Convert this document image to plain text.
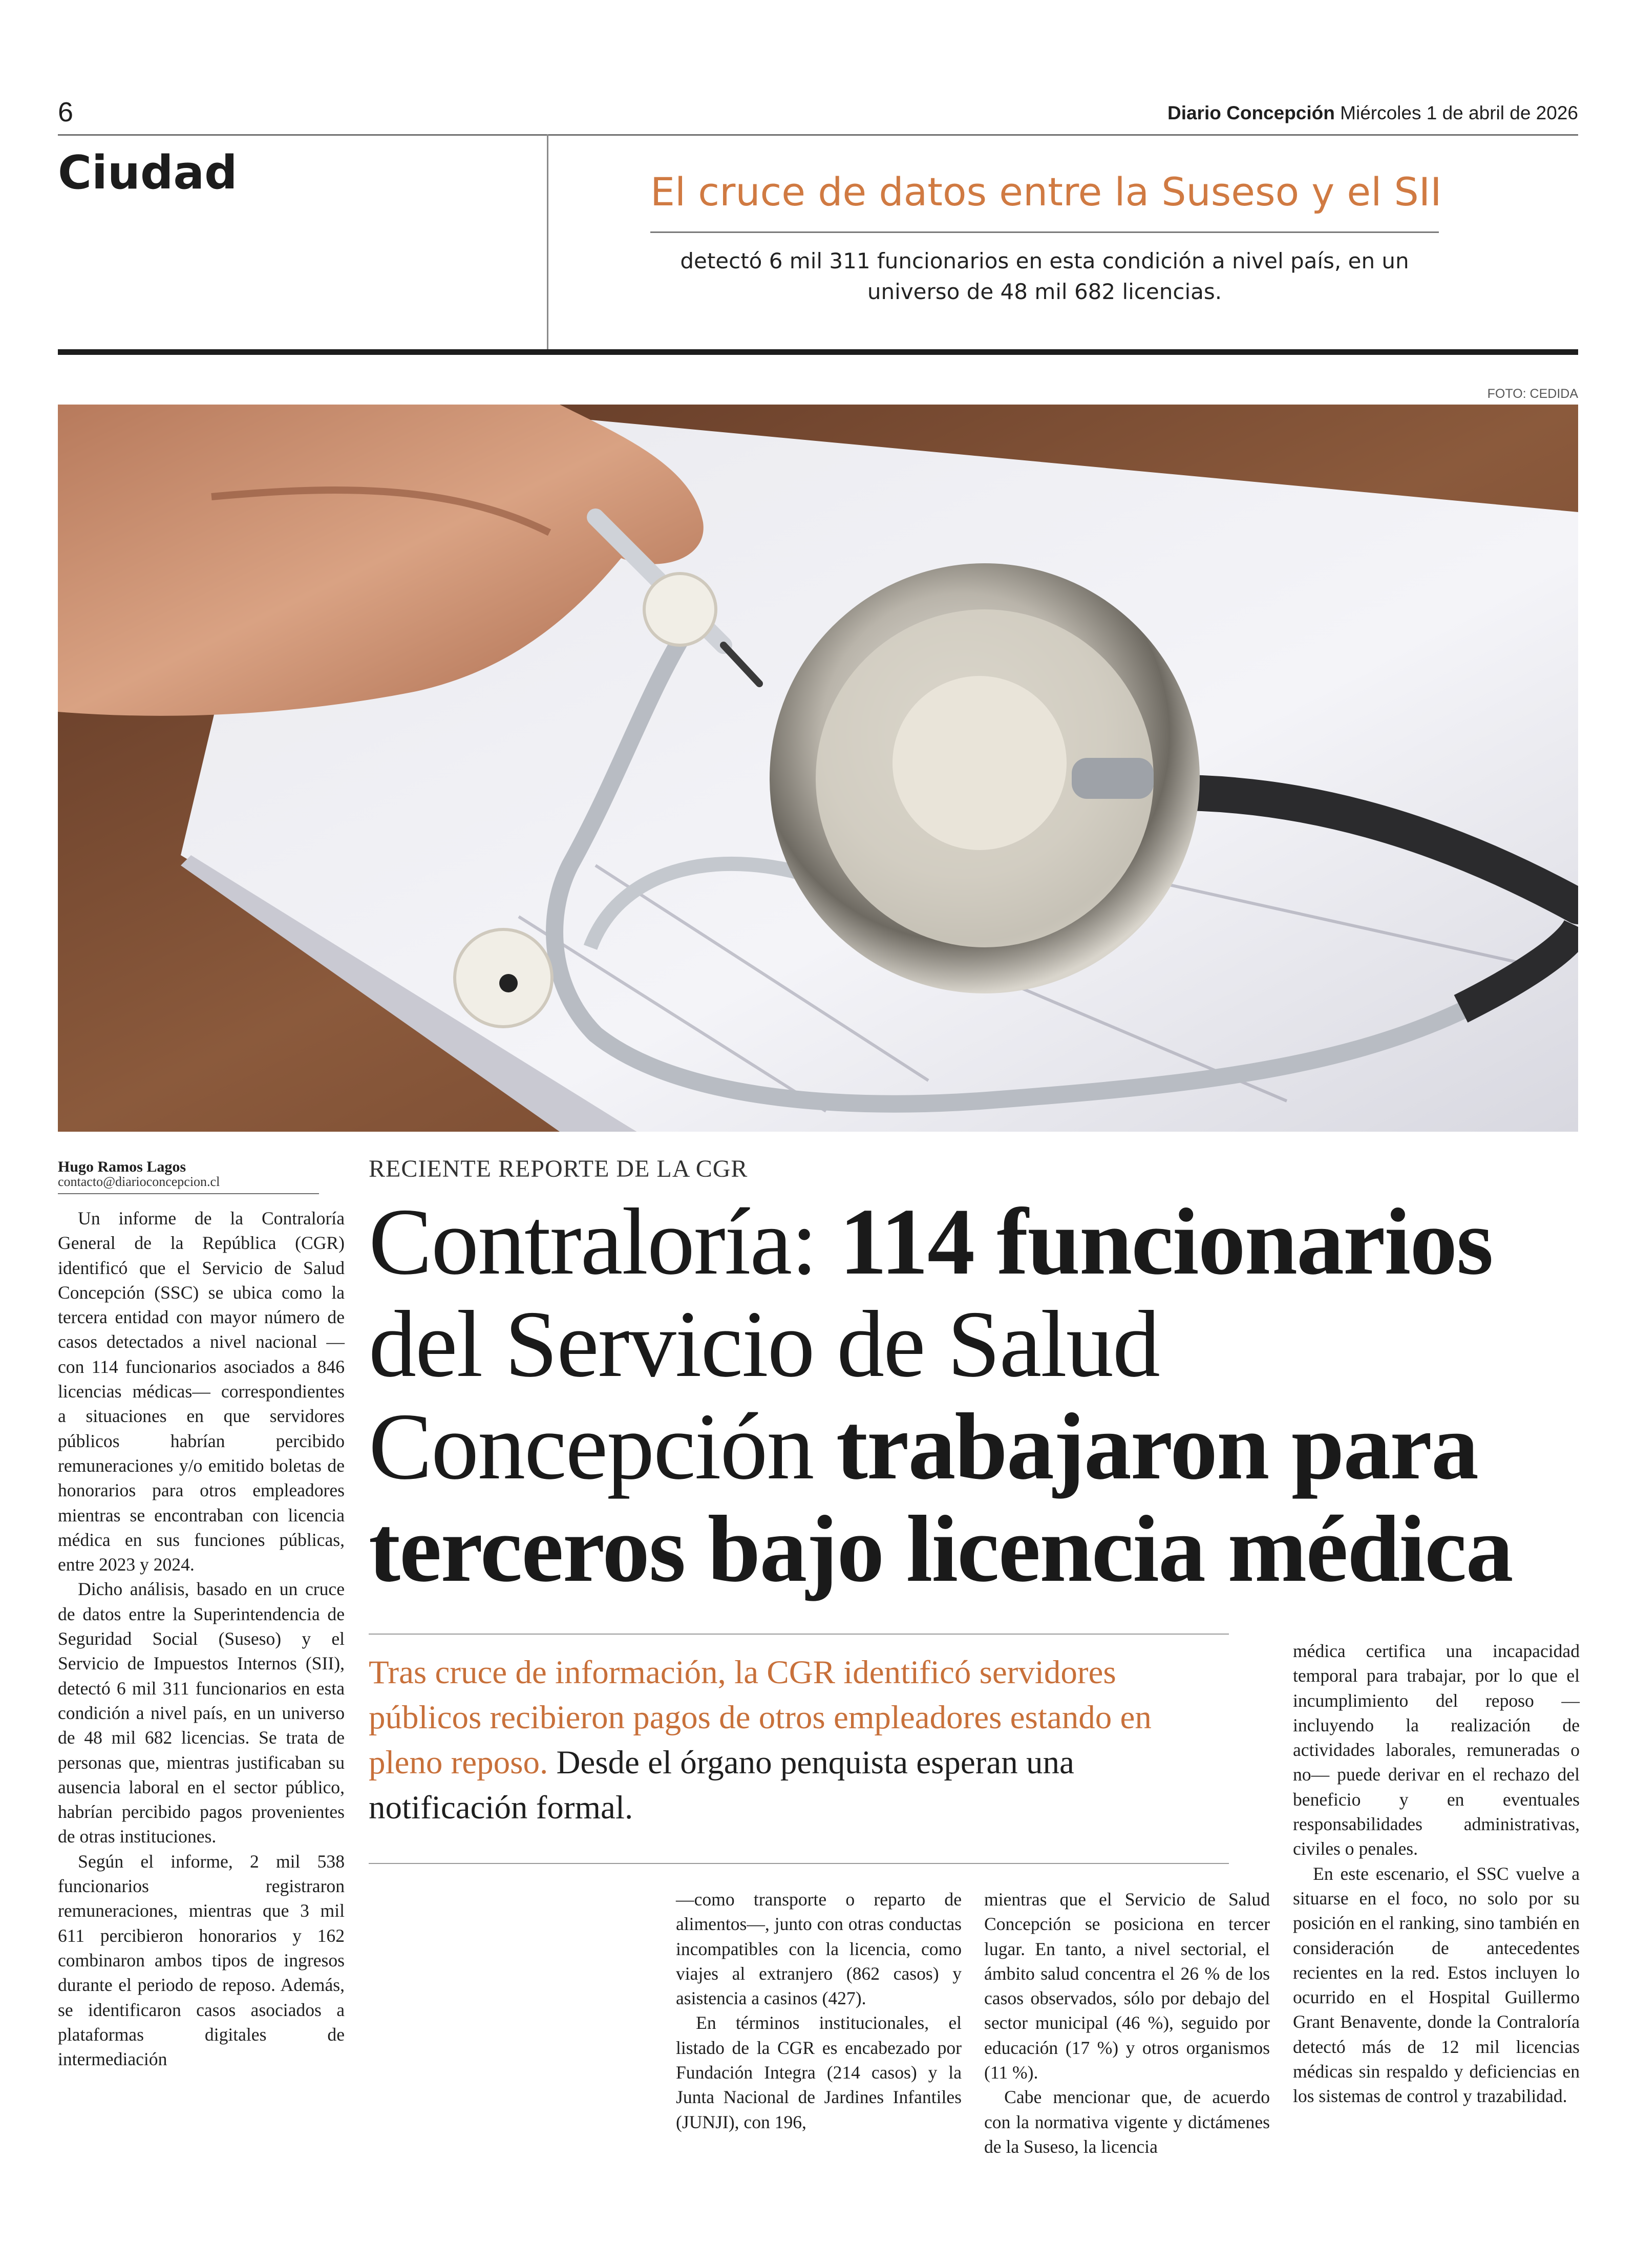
6	Diario Concepción Miércoles 1 de abril de 2026
Ciudad	El cruce de datos entre la Suseso y el SII
detectó 6 mil 311 funcionarios en esta condición a nivel país, en un universo de 48 mil 682 licencias.
FOTO: CEDIDA
Hugo Ramos Lagos
contacto@diarioconcepcion.cl	RECIENTE REPORTE DE LA CGR
Contraloría: 114 funcionarios del Servicio de Salud Concepción trabajaron para terceros bajo licencia médica
Tras cruce de información, la CGR identificó servidores públicos recibieron pagos de otros empleadores estando en pleno reposo. Desde el órgano penquista esperan una notificación formal.

Un informe de la Contraloría General de la República (CGR) identificó que el Servicio de Salud Concepción (SSC) se ubica como la tercera entidad con mayor número de casos detectados a nivel nacional —con 114 funcionarios asociados a 846 licencias médicas— correspondientes a situaciones en que servidores públicos habrían percibido remuneraciones y/o emitido boletas de honorarios para otros empleadores mientras se encontraban con licencia médica en sus funciones públicas, entre 2023 y 2024.

Dicho análisis, basado en un cruce de datos entre la Superintendencia de Seguridad Social (Suseso) y el Servicio de Impuestos Internos (SII), detectó 6 mil 311 funcionarios en esta condición a nivel país, en un universo de 48 mil 682 licencias. Se trata de personas que, mientras justificaban su ausencia laboral en el sector público, habrían percibido pagos provenientes de otras instituciones.

Según el informe, 2 mil 538 funcionarios registraron remuneraciones, mientras que 3 mil 611 percibieron honorarios y 162 combinaron ambos tipos de ingresos durante el periodo de reposo. Además, se identificaron casos asociados a plataformas digitales de intermediación

—como transporte o reparto de alimentos—, junto con otras conductas incompatibles con la licencia, como viajes al extranjero (862 casos) y asistencia a casinos (427).

En términos institucionales, el listado de la CGR es encabezado por Fundación Integra (214 casos) y la Junta Nacional de Jardines Infantiles (JUNJI), con 196,

mientras que el Servicio de Salud Concepción se posiciona en tercer lugar. En tanto, a nivel sectorial, el ámbito salud concentra el 26 % de los casos observados, sólo por debajo del sector municipal (46 %), seguido por educación (17 %) y otros organismos (11 %).

Cabe mencionar que, de acuerdo con la normativa vigente y dictámenes de la Suseso, la licencia

médica certifica una incapacidad temporal para trabajar, por lo que el incumplimiento del reposo —incluyendo la realización de actividades laborales, remuneradas o no— puede derivar en el rechazo del beneficio y en eventuales responsabilidades administrativas, civiles o penales.

En este escenario, el SSC vuelve a situarse en el foco, no solo por su posición en el ranking, sino también en consideración de antecedentes recientes en la red. Estos incluyen lo ocurrido en el Hospital Guillermo Grant Benavente, donde la Contraloría detectó más de 12 mil licencias médicas sin respaldo y deficiencias en los sistemas de control y trazabilidad.
